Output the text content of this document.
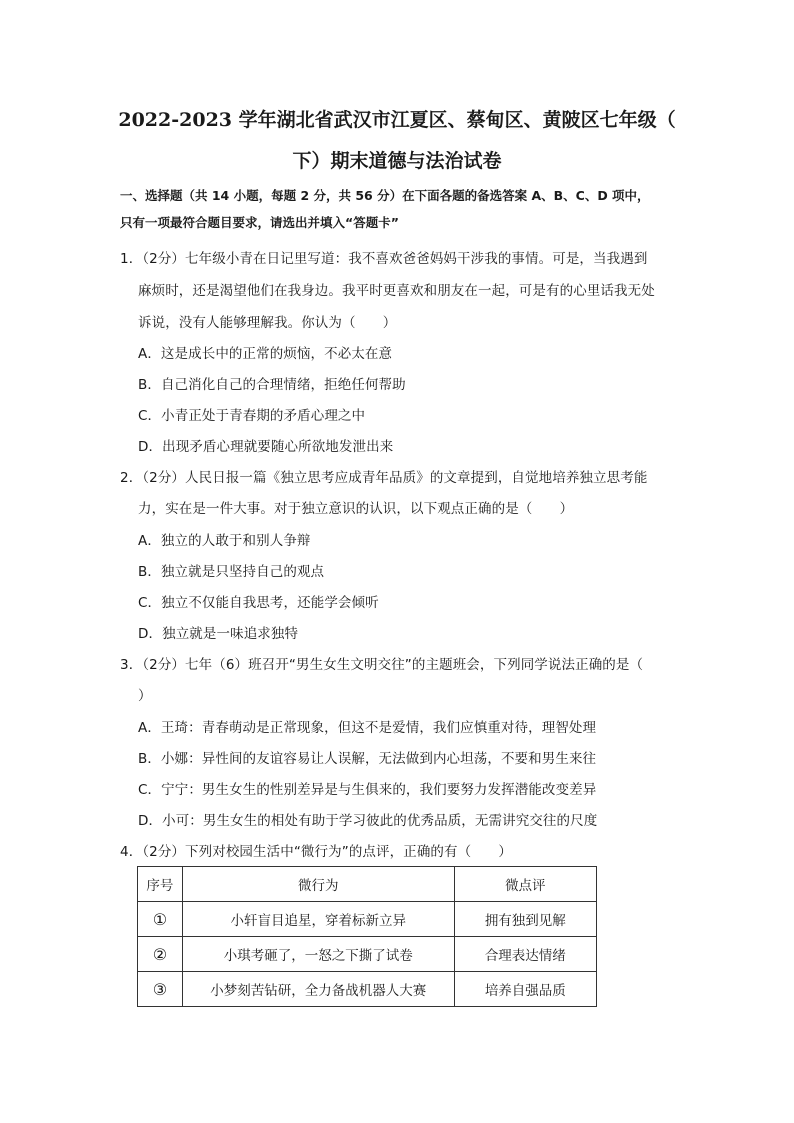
2022-2023 学年湖北省武汉市江夏区、蔡甸区、黄陂区七年级（
下）期末道德与法治试卷
一、选择题（共 14 小题，每题 2 分，共 56 分）在下面各题的备选答案 A、B、C、D 项中，
只有一项最符合题目要求，请选出并填入“答题卡”
1．（2分）七年级小青在日记里写道：我不喜欢爸爸妈妈干涉我的事情。可是，当我遇到
麻烦时，还是渴望他们在我身边。我平时更喜欢和朋友在一起，可是有的心里话我无处
诉说，没有人能够理解我。你认为（　　）
A．这是成长中的正常的烦恼，不必太在意
B．自己消化自己的合理情绪，拒绝任何帮助
C．小青正处于青春期的矛盾心理之中
D．出现矛盾心理就要随心所欲地发泄出来
2．（2分）人民日报一篇《独立思考应成青年品质》的文章提到，自觉地培养独立思考能
力，实在是一件大事。对于独立意识的认识，以下观点正确的是（　　）
A．独立的人敢于和别人争辩
B．独立就是只坚持自己的观点
C．独立不仅能自我思考，还能学会倾听
D．独立就是一味追求独特
3．（2分）七年（6）班召开“男生女生文明交往”的主题班会，下列同学说法正确的是（
）
A．王琦：青春萌动是正常现象，但这不是爱情，我们应慎重对待，理智处理
B．小娜：异性间的友谊容易让人误解，无法做到内心坦荡，不要和男生来往
C．宁宁：男生女生的性别差异是与生俱来的，我们要努力发挥潜能改变差异
D．小可：男生女生的相处有助于学习彼此的优秀品质，无需讲究交往的尺度
4．（2分）下列对校园生活中“微行为”的点评，正确的有（　　）
序号	微行为	微点评
①	小轩盲目追星，穿着标新立异	拥有独到见解
②	小琪考砸了，一怒之下撕了试卷	合理表达情绪
③	小梦刻苦钻研，全力备战机器人大赛	培养自强品质
